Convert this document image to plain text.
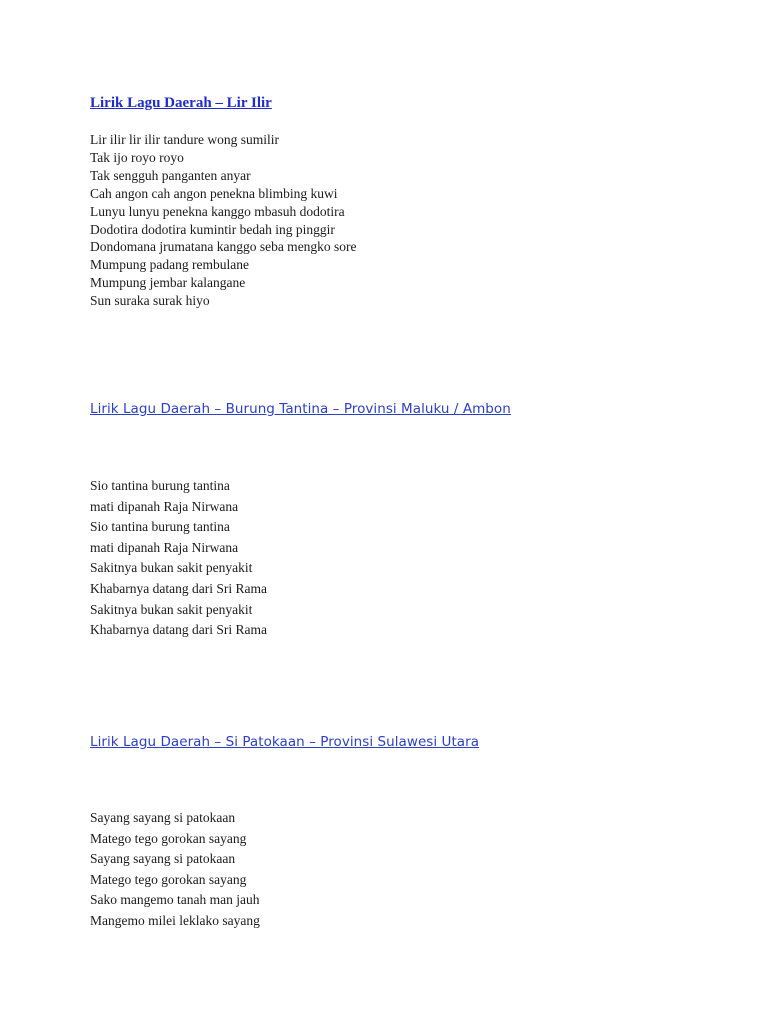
Lirik Lagu Daerah – Lir Ilir
Lir ilir lir ilir tandure wong sumilir
Tak ijo royo royo
Tak sengguh panganten anyar
Cah angon cah angon penekna blimbing kuwi
Lunyu lunyu penekna kanggo mbasuh dodotira
Dodotira dodotira kumintir bedah ing pinggir
Dondomana jrumatana kanggo seba mengko sore
Mumpung padang rembulane
Mumpung jembar kalangane
Sun suraka surak hiyo
Lirik Lagu Daerah – Burung Tantina – Provinsi Maluku / Ambon
Sio tantina burung tantina
mati dipanah Raja Nirwana
Sio tantina burung tantina
mati dipanah Raja Nirwana
Sakitnya bukan sakit penyakit
Khabarnya datang dari Sri Rama
Sakitnya bukan sakit penyakit
Khabarnya datang dari Sri Rama
Lirik Lagu Daerah – Si Patokaan – Provinsi Sulawesi Utara
Sayang sayang si patokaan
Matego tego gorokan sayang
Sayang sayang si patokaan
Matego tego gorokan sayang
Sako mangemo tanah man jauh
Mangemo milei leklako sayang
